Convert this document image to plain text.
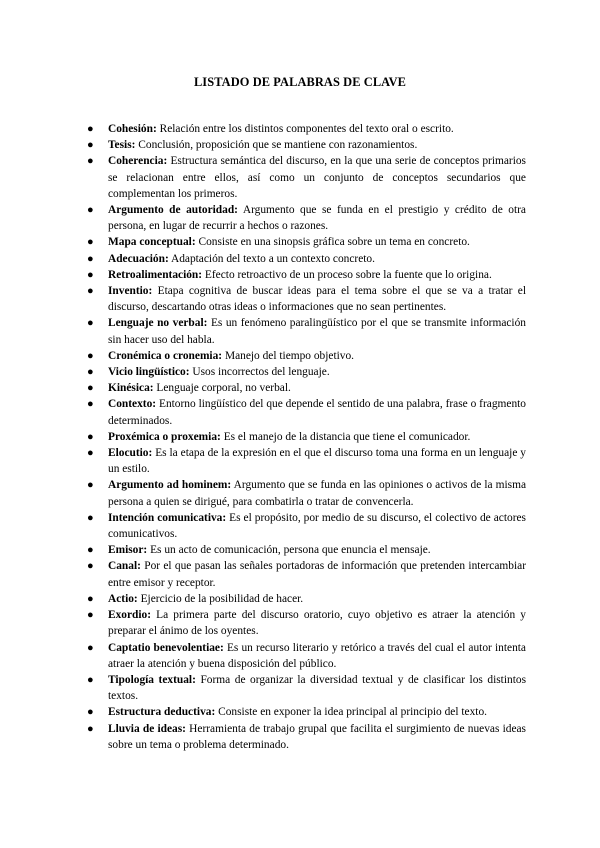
LISTADO DE PALABRAS DE CLAVE
● Cohesión: Relación entre los distintos componentes del texto oral o escrito.
● Tesis: Conclusión, proposición que se mantiene con razonamientos.
● Coherencia: Estructura semántica del discurso, en la que una serie de conceptos primarios se relacionan entre ellos, así como un conjunto de conceptos secundarios que complementan los primeros.
● Argumento de autoridad: Argumento que se funda en el prestigio y crédito de otra persona, en lugar de recurrir a hechos o razones.
● Mapa conceptual: Consiste en una sinopsis gráfica sobre un tema en concreto.
● Adecuación: Adaptación del texto a un contexto concreto.
● Retroalimentación: Efecto retroactivo de un proceso sobre la fuente que lo origina.
● Inventio: Etapa cognitiva de buscar ideas para el tema sobre el que se va a tratar el discurso, descartando otras ideas o informaciones que no sean pertinentes.
● Lenguaje no verbal: Es un fenómeno paralingüístico por el que se transmite información sin hacer uso del habla.
● Cronémica o cronemia: Manejo del tiempo objetivo.
● Vicio lingüístico: Usos incorrectos del lenguaje.
● Kinésica: Lenguaje corporal, no verbal.
● Contexto: Entorno lingüístico del que depende el sentido de una palabra, frase o fragmento determinados.
● Proxémica o proxemia: Es el manejo de la distancia que tiene el comunicador.
● Elocutio: Es la etapa de la expresión en el que el discurso toma una forma en un lenguaje y un estilo.
● Argumento ad hominem: Argumento que se funda en las opiniones o activos de la misma persona a quien se dirigué, para combatirla o tratar de convencerla.
● Intención comunicativa: Es el propósito, por medio de su discurso, el colectivo de actores comunicativos.
● Emisor: Es un acto de comunicación, persona que enuncia el mensaje.
● Canal: Por el que pasan las señales portadoras de información que pretenden intercambiar entre emisor y receptor.
● Actio: Ejercicio de la posibilidad de hacer.
● Exordio: La primera parte del discurso oratorio, cuyo objetivo es atraer la atención y preparar el ánimo de los oyentes.
● Captatio benevolentiae: Es un recurso literario y retórico a través del cual el autor intenta atraer la atención y buena disposición del público.
● Tipología textual: Forma de organizar la diversidad textual y de clasificar los distintos textos.
● Estructura deductiva: Consiste en exponer la idea principal al principio del texto.
● Lluvia de ideas: Herramienta de trabajo grupal que facilita el surgimiento de nuevas ideas sobre un tema o problema determinado.
